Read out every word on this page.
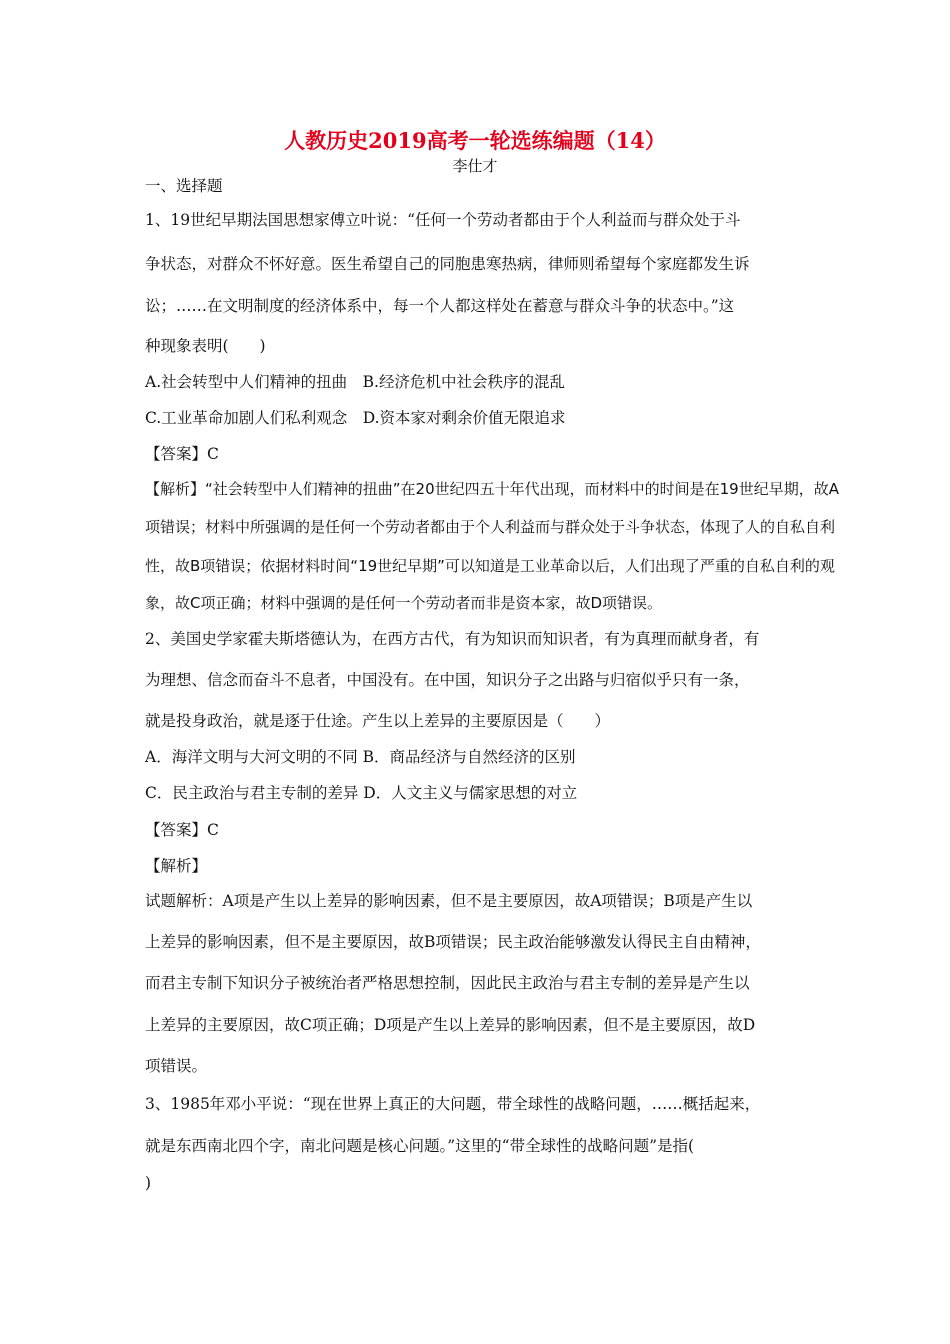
人教历史2019高考一轮选练编题（14）
李仕才
一、选择题
1、19世纪早期法国思想家傅立叶说：“任何一个劳动者都由于个人利益而与群众处于斗
争状态，对群众不怀好意。医生希望自己的同胞患寒热病，律师则希望每个家庭都发生诉
讼；……在文明制度的经济体系中，每一个人都这样处在蓄意与群众斗争的状态中。”这
种现象表明(　　)
A.社会转型中人们精神的扭曲　B.经济危机中社会秩序的混乱
C.工业革命加剧人们私利观念　D.资本家对剩余价值无限追求
【答案】C
【解析】“社会转型中人们精神的扭曲”在20世纪四五十年代出现，而材料中的时间是在19世纪早期，故A
项错误；材料中所强调的是任何一个劳动者都由于个人利益而与群众处于斗争状态，体现了人的自私自利
性，故B项错误；依据材料时间“19世纪早期”可以知道是工业革命以后，人们出现了严重的自私自利的观
象，故C项正确；材料中强调的是任何一个劳动者而非是资本家，故D项错误。
2、美国史学家霍夫斯塔德认为，在西方古代，有为知识而知识者，有为真理而献身者，有
为理想、信念而奋斗不息者，中国没有。在中国，知识分子之出路与归宿似乎只有一条，
就是投身政治，就是逐于仕途。产生以上差异的主要原因是（　　）
A．海洋文明与大河文明的不同 B．商品经济与自然经济的区别
C．民主政治与君主专制的差异 D．人文主义与儒家思想的对立
【答案】C
【解析】
试题解析：A项是产生以上差异的影响因素，但不是主要原因，故A项错误；B项是产生以
上差异的影响因素，但不是主要原因，故B项错误；民主政治能够激发认得民主自由精神，
而君主专制下知识分子被统治者严格思想控制，因此民主政治与君主专制的差异是产生以
上差异的主要原因，故C项正确；D项是产生以上差异的影响因素，但不是主要原因，故D
项错误。
3、1985年邓小平说：“现在世界上真正的大问题，带全球性的战略问题，……概括起来，
就是东西南北四个字，南北问题是核心问题。”这里的“带全球性的战略问题”是指(
)
